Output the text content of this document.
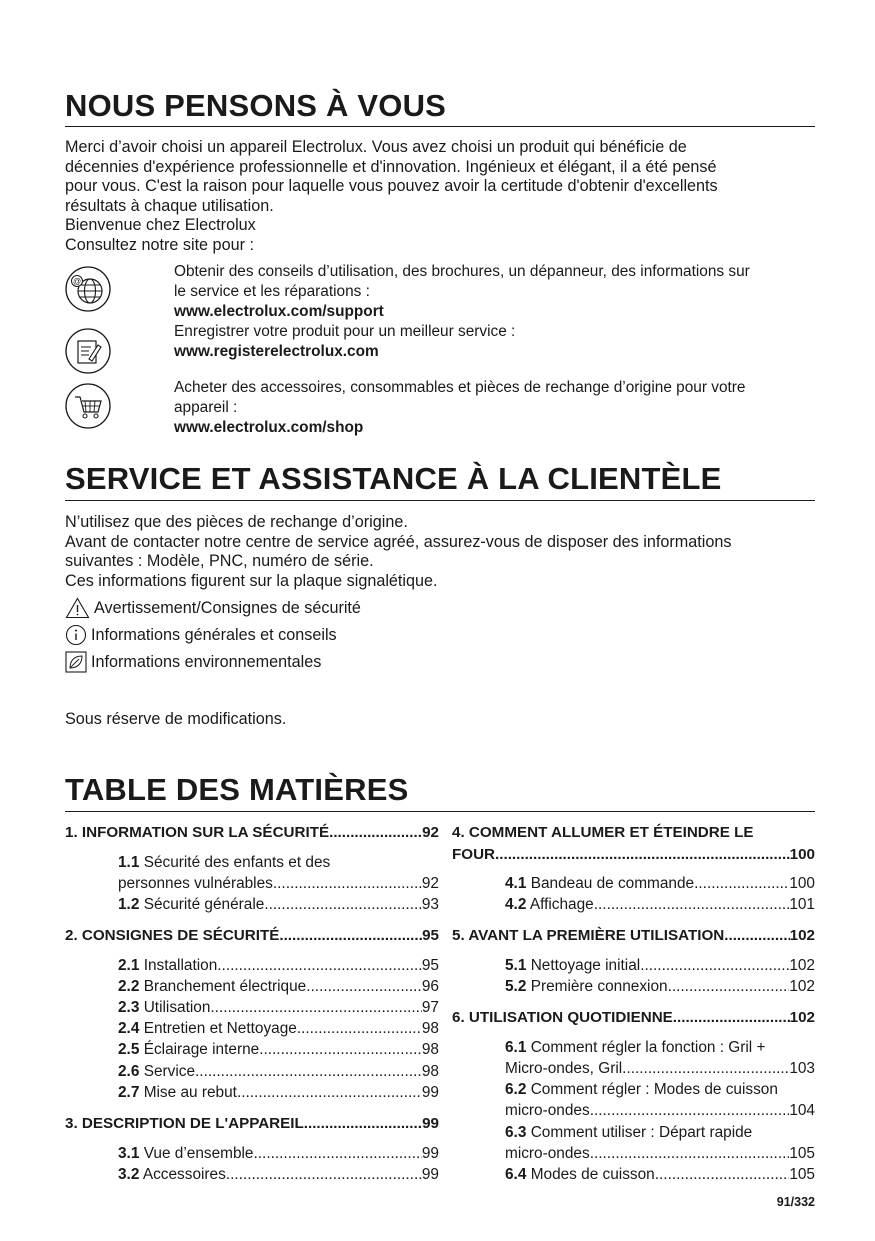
NOUS PENSONS À VOUS

Merci d’avoir choisi un appareil Electrolux. Vous avez choisi un produit qui bénéficie de

décennies d'expérience professionnelle et d'innovation. Ingénieux et élégant, il a été pensé

pour vous. C'est la raison pour laquelle vous pouvez avoir la certitude d'obtenir d'excellents

résultats à chaque utilisation.

Bienvenue chez Electrolux

Consultez notre site pour :

@

Obtenir des conseils d’utilisation, des brochures, un dépanneur, des informations sur

le service et les réparations :

www.electrolux.com/support

Enregistrer votre produit pour un meilleur service :

www.registerelectrolux.com

Acheter des accessoires, consommables et pièces de rechange d’origine pour votre

appareil :

www.electrolux.com/shop

SERVICE ET ASSISTANCE À LA CLIENTÈLE

N’utilisez que des pièces de rechange d’origine.

Avant de contacter notre centre de service agréé, assurez-vous de disposer des informations

suivantes : Modèle, PNC, numéro de série.

Ces informations figurent sur la plaque signalétique.

Avertissement/Consignes de sécurité
Informations générales et conseils
Informations environnementales

Sous réserve de modifications.

TABLE DES MATIÈRES
1. INFORMATION SUR LA SÉCURITÉ .....	92
1.1 Sécurité des enfants et des
personnes vulnérables .....	92
1.2 Sécurité générale .....	93
2. CONSIGNES DE SÉCURITÉ .....	95
2.1 Installation .....	95
2.2 Branchement électrique .....	96
2.3 Utilisation .....	97
2.4 Entretien et Nettoyage .....	98
2.5 Éclairage interne .....	98
2.6 Service .....	98
2.7 Mise au rebut .....	99
3. DESCRIPTION DE L'APPAREIL .....	99
3.1 Vue d’ensemble .....	99
3.2 Accessoires .....	99
4. COMMENT ALLUMER ET ÉTEINDRE LE
FOUR .....	100
4.1 Bandeau de commande .....	100
4.2 Affichage .....	101
5. AVANT LA PREMIÈRE UTILISATION .....	102
5.1 Nettoyage initial .....	102
5.2 Première connexion .....	102
6. UTILISATION QUOTIDIENNE .....	102
6.1 Comment régler la fonction : Gril +
Micro-ondes, Gril .....	103
6.2 Comment régler : Modes de cuisson
micro-ondes .....	104
6.3 Comment utiliser : Départ rapide
micro-ondes .....	105
6.4 Modes de cuisson .....	105
91/332
